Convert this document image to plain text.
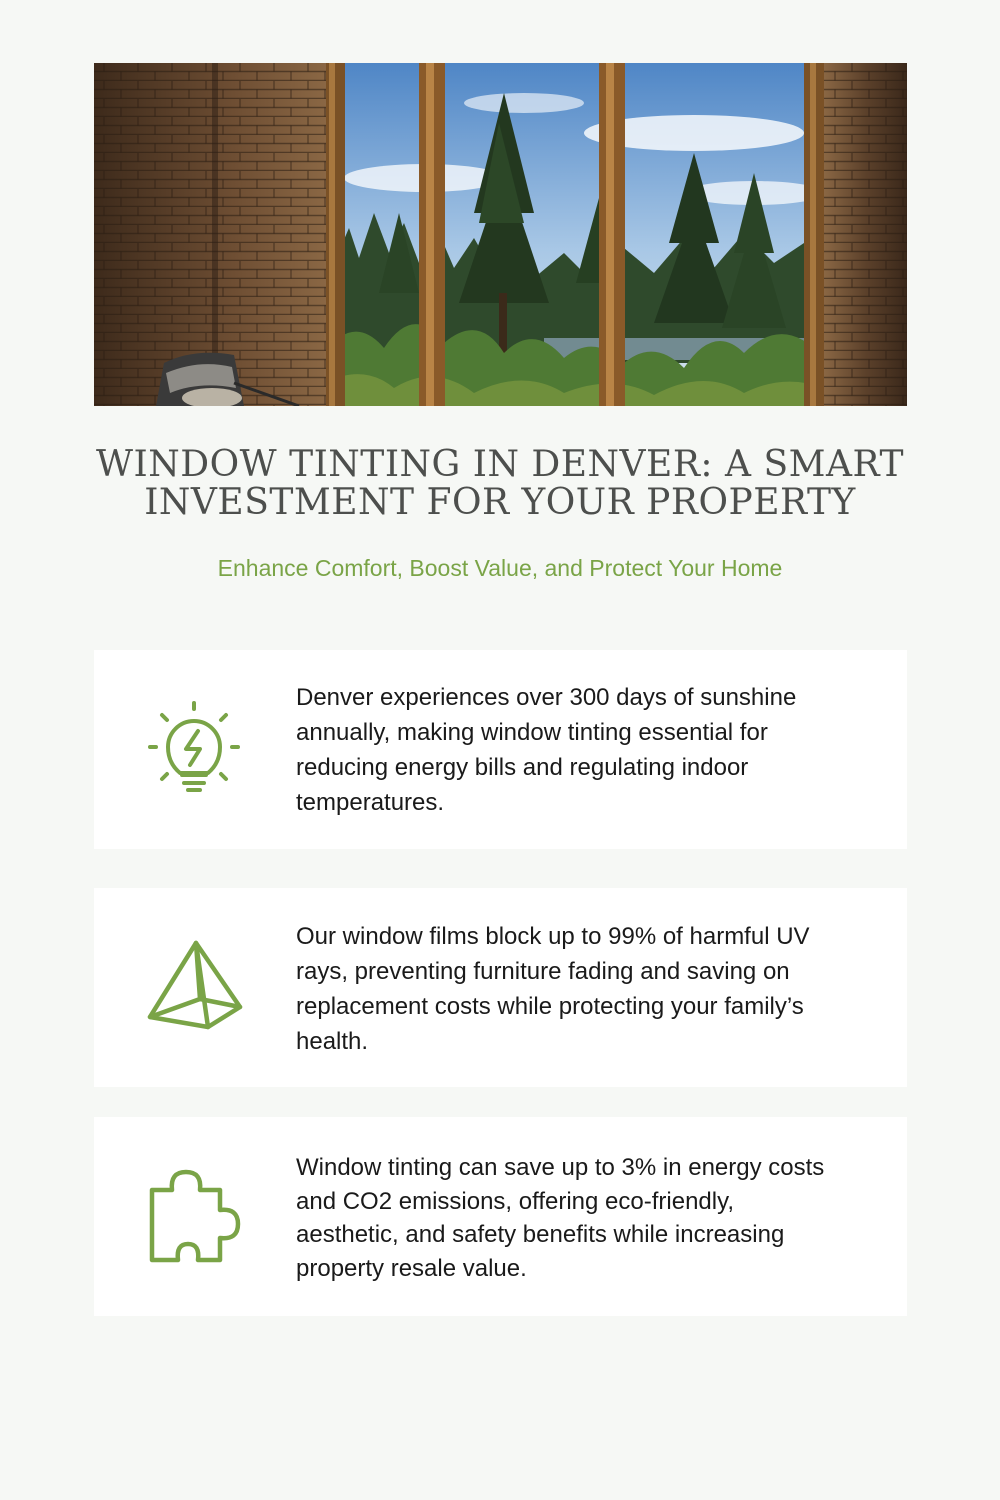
WINDOW TINTING IN DENVER: A SMART INVESTMENT FOR YOUR PROPERTY

Enhance Comfort, Boost Value, and Protect Your Home

Denver experiences over 300 days of sunshine annually, making window tinting essential for reducing energy bills and regulating indoor temperatures.

Our window films block up to 99% of harmful UV rays, preventing furniture fading and saving on replacement costs while protecting your family’s health.

Window tinting can save up to 3% in energy costs and CO2 emissions, offering eco-friendly, aesthetic, and safety benefits while increasing property resale value.
